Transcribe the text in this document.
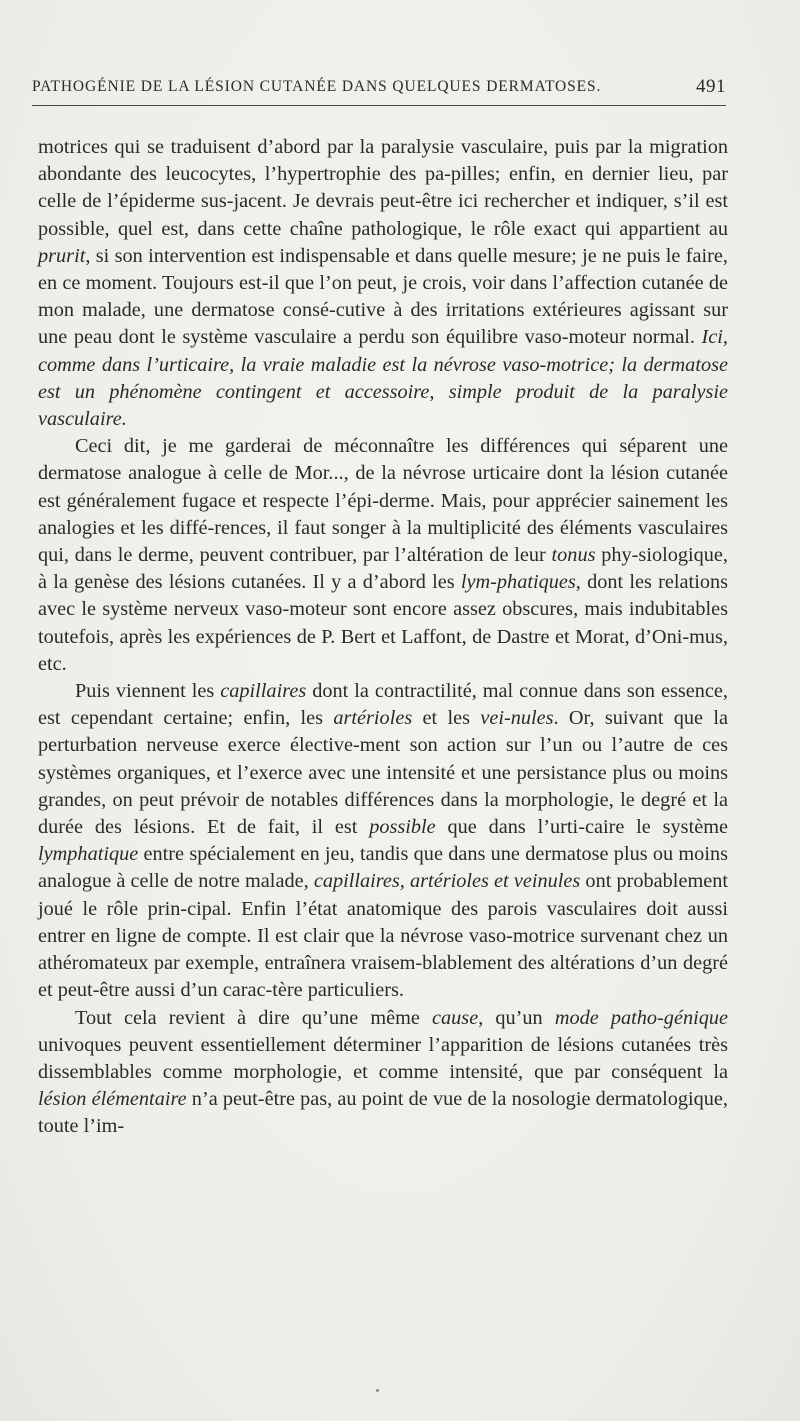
PATHOGÉNIE DE LA LÉSION CUTANÉE DANS QUELQUES DERMATOSES.	491

motrices qui se traduisent d’abord par la paralysie vasculaire, puis par la migration abondante des leucocytes, l’hypertrophie des pa-pilles; enfin, en dernier lieu, par celle de l’épiderme sus-jacent. Je devrais peut-être ici rechercher et indiquer, s’il est possible, quel est, dans cette chaîne pathologique, le rôle exact qui appartient au prurit, si son intervention est indispensable et dans quelle mesure; je ne puis le faire, en ce moment. Toujours est-il que l’on peut, je crois, voir dans l’affection cutanée de mon malade, une dermatose consé-cutive à des irritations extérieures agissant sur une peau dont le système vasculaire a perdu son équilibre vaso-moteur normal. Ici, comme dans l’urticaire, la vraie maladie est la névrose vaso-motrice; la dermatose est un phénomène contingent et accessoire, simple produit de la paralysie vasculaire.

Ceci dit, je me garderai de méconnaître les différences qui séparent une dermatose analogue à celle de Mor..., de la névrose urticaire dont la lésion cutanée est généralement fugace et respecte l’épi-derme. Mais, pour apprécier sainement les analogies et les diffé-rences, il faut songer à la multiplicité des éléments vasculaires qui, dans le derme, peuvent contribuer, par l’altération de leur tonus phy-siologique, à la genèse des lésions cutanées. Il y a d’abord les lym-phatiques, dont les relations avec le système nerveux vaso-moteur sont encore assez obscures, mais indubitables toutefois, après les expériences de P. Bert et Laffont, de Dastre et Morat, d’Oni-mus, etc.

Puis viennent les capillaires dont la contractilité, mal connue dans son essence, est cependant certaine; enfin, les artérioles et les vei-nules. Or, suivant que la perturbation nerveuse exerce élective-ment son action sur l’un ou l’autre de ces systèmes organiques, et l’exerce avec une intensité et une persistance plus ou moins grandes, on peut prévoir de notables différences dans la morphologie, le degré et la durée des lésions. Et de fait, il est possible que dans l’urti-caire le système lymphatique entre spécialement en jeu, tandis que dans une dermatose plus ou moins analogue à celle de notre malade, capillaires, artérioles et veinules ont probablement joué le rôle prin-cipal. Enfin l’état anatomique des parois vasculaires doit aussi entrer en ligne de compte. Il est clair que la névrose vaso-motrice survenant chez un athéromateux par exemple, entraînera vraisem-blablement des altérations d’un degré et peut-être aussi d’un carac-tère particuliers.

Tout cela revient à dire qu’une même cause, qu’un mode patho-génique univoques peuvent essentiellement déterminer l’apparition de lésions cutanées très dissemblables comme morphologie, et comme intensité, que par conséquent la lésion élémentaire n’a peut-être pas, au point de vue de la nosologie dermatologique, toute l’im-
